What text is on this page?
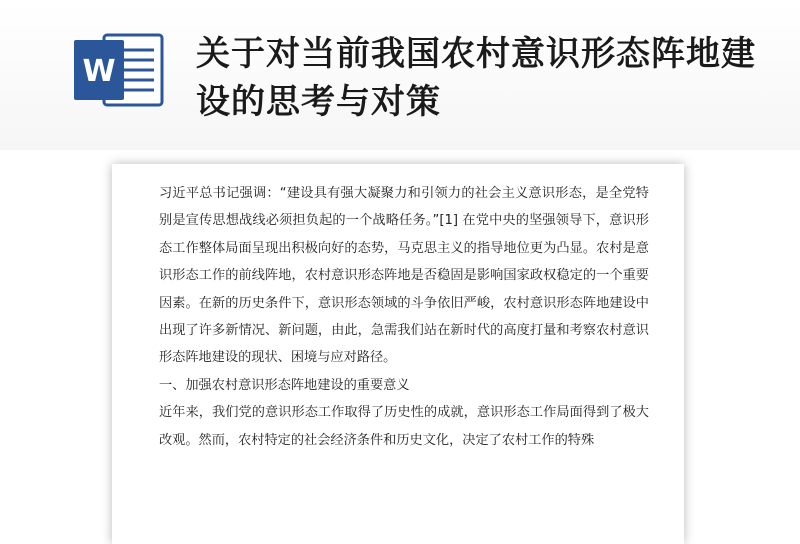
W 关于对当前我国农村意识形态阵地建设的思考与对策

习近平总书记强调：“建设具有强大凝聚力和引领力的社会主义意识形态，是全党特别是宣传思想战线必须担负起的一个战略任务。”[1] 在党中央的坚强领导下，意识形态工作整体局面呈现出积极向好的态势，马克思主义的指导地位更为凸显。农村是意识形态工作的前线阵地，农村意识形态阵地是否稳固是影响国家政权稳定的一个重要因素。在新的历史条件下，意识形态领域的斗争依旧严峻，农村意识形态阵地建设中出现了许多新情况、新问题，由此，急需我们站在新时代的高度打量和考察农村意识形态阵地建设的现状、困境与应对路径。

一、加强农村意识形态阵地建设的重要意义

近年来，我们党的意识形态工作取得了历史性的成就，意识形态工作局面得到了极大改观。然而，农村特定的社会经济条件和历史文化，决定了农村工作的特殊
